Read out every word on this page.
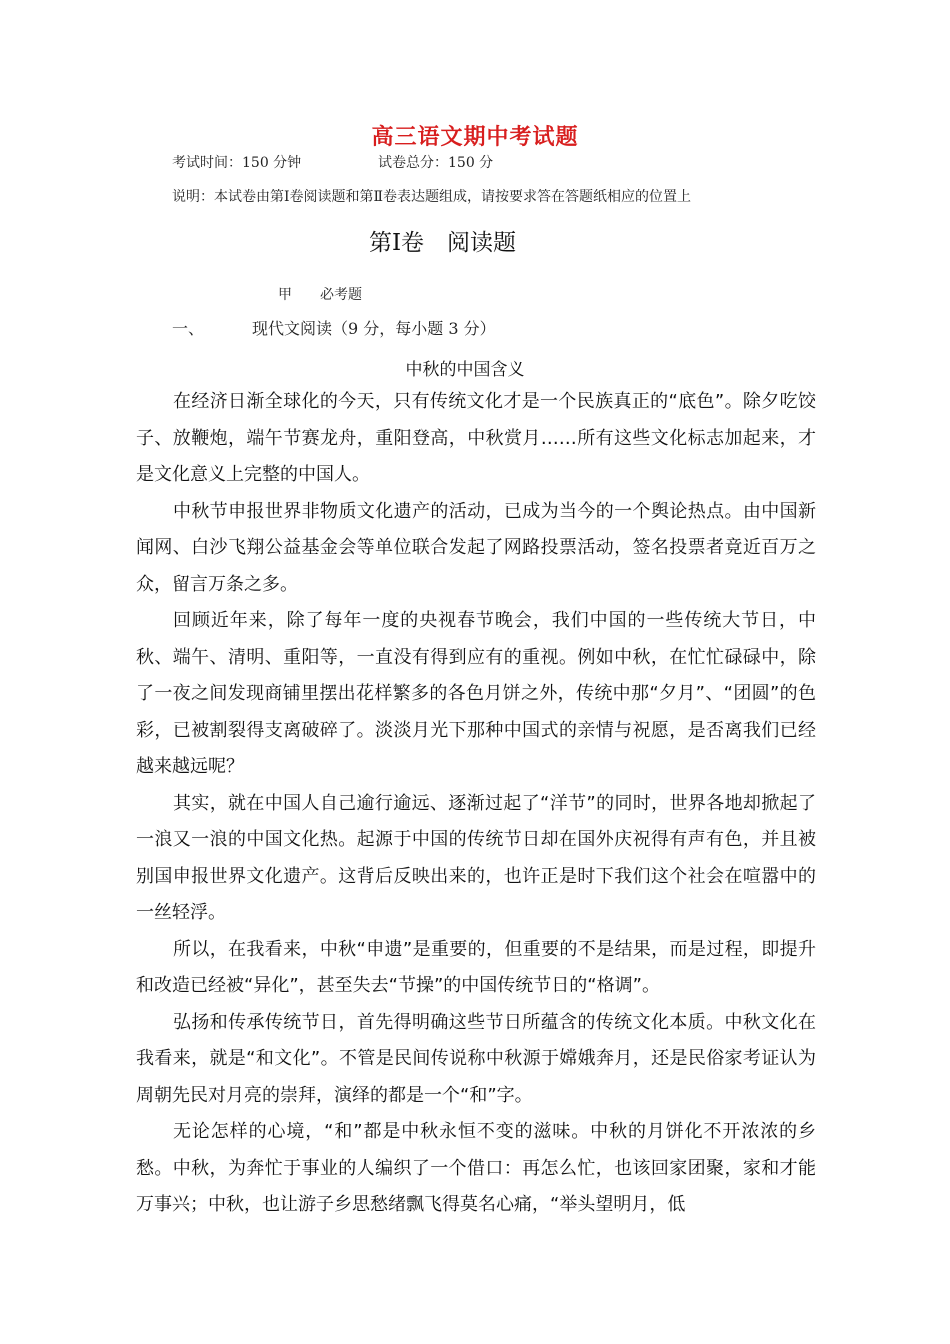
高三语文期中考试题
考试时间：150 分钟	试卷总分：150 分
说明：本试卷由第Ⅰ卷阅读题和第Ⅱ卷表达题组成，请按要求答在答题纸相应的位置上
第Ⅰ卷　阅读题
甲　　必考题
一、	现代文阅读（9 分，每小题 3 分）
中秋的中国含义

在经济日渐全球化的今天，只有传统文化才是一个民族真正的“底色”。除夕吃饺子、放鞭炮，端午节赛龙舟，重阳登高，中秋赏月……所有这些文化标志加起来，才是文化意义上完整的中国人。

中秋节申报世界非物质文化遗产的活动，已成为当今的一个舆论热点。由中国新闻网、白沙飞翔公益基金会等单位联合发起了网路投票活动，签名投票者竟近百万之众，留言万条之多。

回顾近年来，除了每年一度的央视春节晚会，我们中国的一些传统大节日，中秋、端午、清明、重阳等，一直没有得到应有的重视。例如中秋，在忙忙碌碌中，除了一夜之间发现商铺里摆出花样繁多的各色月饼之外，传统中那“夕月”、“团圆”的色彩，已被割裂得支离破碎了。淡淡月光下那种中国式的亲情与祝愿，是否离我们已经越来越远呢？

其实，就在中国人自己逾行逾远、逐渐过起了“洋节”的同时，世界各地却掀起了一浪又一浪的中国文化热。起源于中国的传统节日却在国外庆祝得有声有色，并且被别国申报世界文化遗产。这背后反映出来的，也许正是时下我们这个社会在喧嚣中的一丝轻浮。

所以，在我看来，中秋“申遗”是重要的，但重要的不是结果，而是过程，即提升和改造已经被“异化”，甚至失去“节操”的中国传统节日的“格调”。

弘扬和传承传统节日，首先得明确这些节日所蕴含的传统文化本质。中秋文化在我看来，就是“和文化”。不管是民间传说称中秋源于嫦娥奔月，还是民俗家考证认为周朝先民对月亮的崇拜，演绎的都是一个“和”字。

无论怎样的心境，“和”都是中秋永恒不变的滋味。中秋的月饼化不开浓浓的乡愁。中秋，为奔忙于事业的人编织了一个借口：再怎么忙，也该回家团聚，家和才能万事兴；中秋，也让游子乡思愁绪飘飞得莫名心痛，“举头望明月，低
